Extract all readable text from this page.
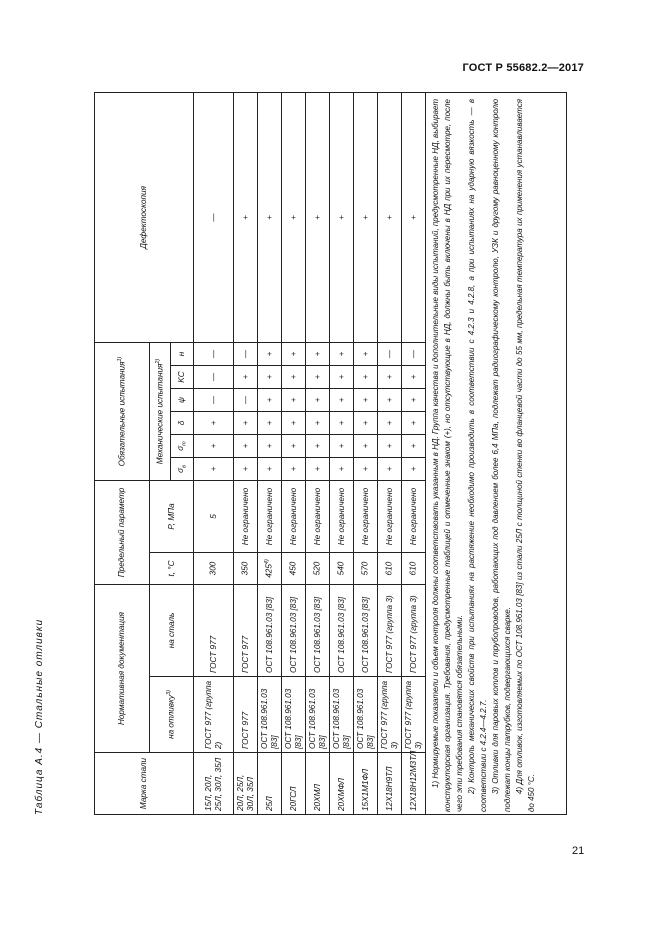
ГОСТ Р 55682.2—2017
Таблица А.4 — Стальные отливки	Марка стали	Нормативная документация		Предельный параметр		Обязательные испытания$^{1)}$						Дефектоскопия
	на отливку$^{3)}$	на сталь	t, °C	P, МПа	Механические испытания$^{2)}$
					$\sigma_в$	$\sigma_т$	δ	ψ	KC	н	
15Л, 20Л, 25Л, 30Л, 35Л	ГОСТ 977 (группа 2)	ГОСТ 977	300	5	+	+	+	—	—	—	—
20Л, 25Л, 30Л, 35Л	ГОСТ 977	ГОСТ 977	350	Не ограничено	+	+	+	—	+	—	+
25Л	ОСТ 108.961.03 [83]	ОСТ 108.961.03 [83]	425$^{4)}$	Не ограничено	+	+	+	+	+	+	+
20ГСЛ	ОСТ 108.961.03 [83]	ОСТ 108.961.03 [83]	450	Не ограничено	+	+	+	+	+	+	+
20ХМЛ	ОСТ 108.961.03 [83]	ОСТ 108.961.03 [83]	520	Не ограничено	+	+	+	+	+	+	+
20ХМФЛ	ОСТ 108.961.03 [83]	ОСТ 108.961.03 [83]	540	Не ограничено	+	+	+	+	+	+	+
15Х1М1ФЛ	ОСТ 108.961.03 [83]	ОСТ 108.961.03 [83]	570	Не ограничено	+	+	+	+	+	+	+
12Х18Н9ТЛ	ГОСТ 977 (группа 3)	ГОСТ 977 (группа 3)	610	Не ограничено	+	+	+	+	+	—	+
12Х18Н12М3ТЛ	ГОСТ 977 (группа 3)	ГОСТ 977 (группа 3)	610	Не ограничено	+	+	+	+	+	—	+

1) Нормируемые показатели и объем контроля должны соответствовать указанным в НД. Группа качества и дополнительные виды испытаний, предусмотренные НД, выбирает конструкторская организация. Требования, предусмотренные таблицей и отмеченные знаком (+), но отсутствующие в НД, должны быть включены в НД при их пересмотре, после чего эти требования становятся обязательными. 2) Контроль механических свойств при испытаниях на растяжение необходимо производить в соответствии с 4.2.3 и 4.2.8, а при испытаниях на ударную вязкость — в соответствии с 4.2.4—4.2.7. 3) Отливки для паровых котлов и трубопроводов, работающих под давлением более 6,4 МПа, подлежат радиографическому контролю, УЗК и другому равноценному контролю подлежат концы патрубков, подвергающихся сварке. 4) Для отливок, изготовляемых по ОСТ 108.961.03 [83] из стали 25Л с толщиной стенки во фланцевой части до 55 мм, предельная температура их применения устанавливается до 450 °C.											
21
